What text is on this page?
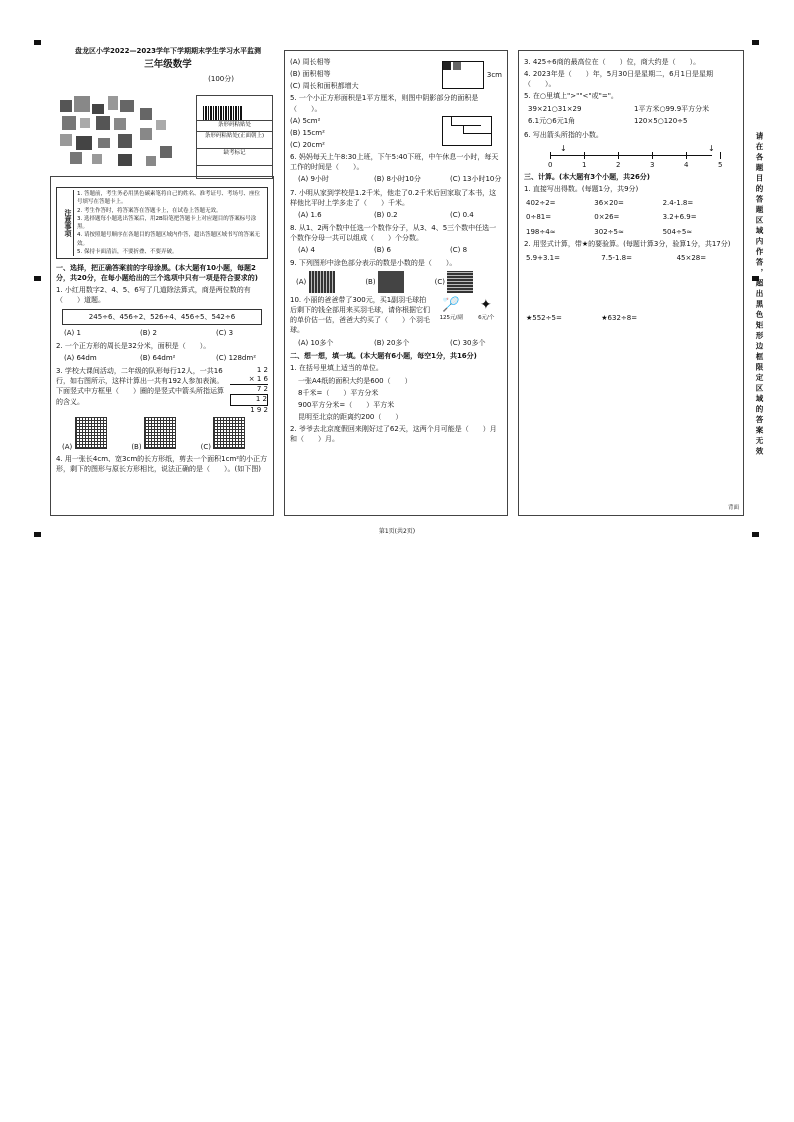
盘龙区小学2022—2023学年下学期期末学生学习水平监测
三年级数学
(100分)
条形码粘贴处
条形码粘贴处(正面朝上)
缺考标记
注意事项
1. 答题前，考生务必用黑色碳素笔将自己的姓名、准考证号、考场号、座位号填写在答题卡上。
2. 考生作答时，将答案答在答题卡上，在试卷上答题无效。
3. 选择题每小题选出答案后，用2B铅笔把答题卡上对应题目的答案标号涂黑。
4. 请按照题号顺序在各题目的答题区域内作答，超出答题区域书写的答案无效。
5. 保持卡面清洁，不要折叠、不要弄破。

一、选择，把正确答案前的字母涂黑。(本大题有10小题，每题2分，共20分，在每小题给出的三个选项中只有一项是符合要求的)

1. 小红用数字2、4、5、6写了几道除法算式，商是两位数的有（　　）道题。

245÷6、456÷2、526÷4、456÷5、542÷6
(A) 1	(B) 2	(C) 3

2. 一个正方形的周长是32分米，面积是（　　）。

(A) 64dm	(B) 64dm²	(C) 128dm²

3. 学校大课间活动，二年级的队形每行12人，一共16行，如右图所示，这样计算出一共有192人参加表演。下面竖式中方框里（　　）圈的是竖式中箭头所指运算的含义。

1 2
× 1 6
7 2
1 2
1 9 2
(A)	(B)	(C)

4. 用一张长4cm、宽3cm的长方形纸，剪去一个面积1cm²的小正方形，剩下的图形与原长方形相比，说法正确的是（　　）。(如下图)

(A) 周长相等

(B) 面积相等

(C) 周长和面积都增大

3cm

5. 一个小正方形面积是1平方厘米，则图中阴影部分的面积是（　　）。

(A) 5cm²

(B) 15cm²

(C) 20cm²

6. 妈妈每天上午8:30上班，下午5:40下班，中午休息一小时，每天工作的时间是（　　）。

(A) 9小时	(B) 8小时10分	(C) 13小时10分

7. 小明从家到学校是1.2千米，他走了0.2千米后回家取了本书，这样他比平时上学多走了（　　）千米。

(A) 1.6	(B) 0.2	(C) 0.4

8. 从1、2两个数中任选一个数作分子，从3、4、5三个数中任选一个数作分母一共可以组成（　　）个分数。

(A) 4	(B) 6	(C) 8

9. 下列图形中涂色部分表示的数是小数的是（　　）。

(A)	(B)	(C)

10. 小丽的爸爸带了300元，买1副羽毛球拍后剩下的钱全部用来买羽毛球，请你根据它们的单价估一估，爸爸大约买了（　　）个羽毛球。

🏸 ✦
125元/副	6元/个
(A) 10多个	(B) 20多个	(C) 30多个

二、想一想，填一填。(本大题有6小题，每空1分，共16分)

1. 在括号里填上适当的单位。

一张A4纸的面积大约是600（　　）

8千米=（　　）平方分米

900平方分米=（　　）平方米

昆明至北京的距离约200（　　）

2. 爷爷去北京度假回来刚好过了62天，这两个月可能是（　　）月和（　　）月。

3. 425÷6商的最高位在（　　）位，商大约是（　　）。

4. 2023年是（　　）年，5月30日是星期二，6月1日是星期（　　）。

5. 在○里填上">""<"或"="。

39×21○31×29	1平方米○99.9平方分米
6.1元○6元1角	120×5○120÷5

6. 写出箭头所指的小数。

0	1	2	3	4	5
↓	↓

三、计算。(本大题有3个小题，共26分)

1. 直接写出得数。(每题1分，共9分)

402÷2=	36×20=	2.4-1.8=
0÷81=	0×26=	3.2+6.9=
198÷4≈	302÷5≈	504÷5≈

2. 用竖式计算，带★的要验算。(每题计算3分，验算1分，共17分)

5.9+3.1=	7.5-1.8=	45×28=
★552÷5=	★632÷8=	
背面
请在各题目的答题区域内作答，超出黑色矩形边框限定区域的答案无效
第1页(共2页)
